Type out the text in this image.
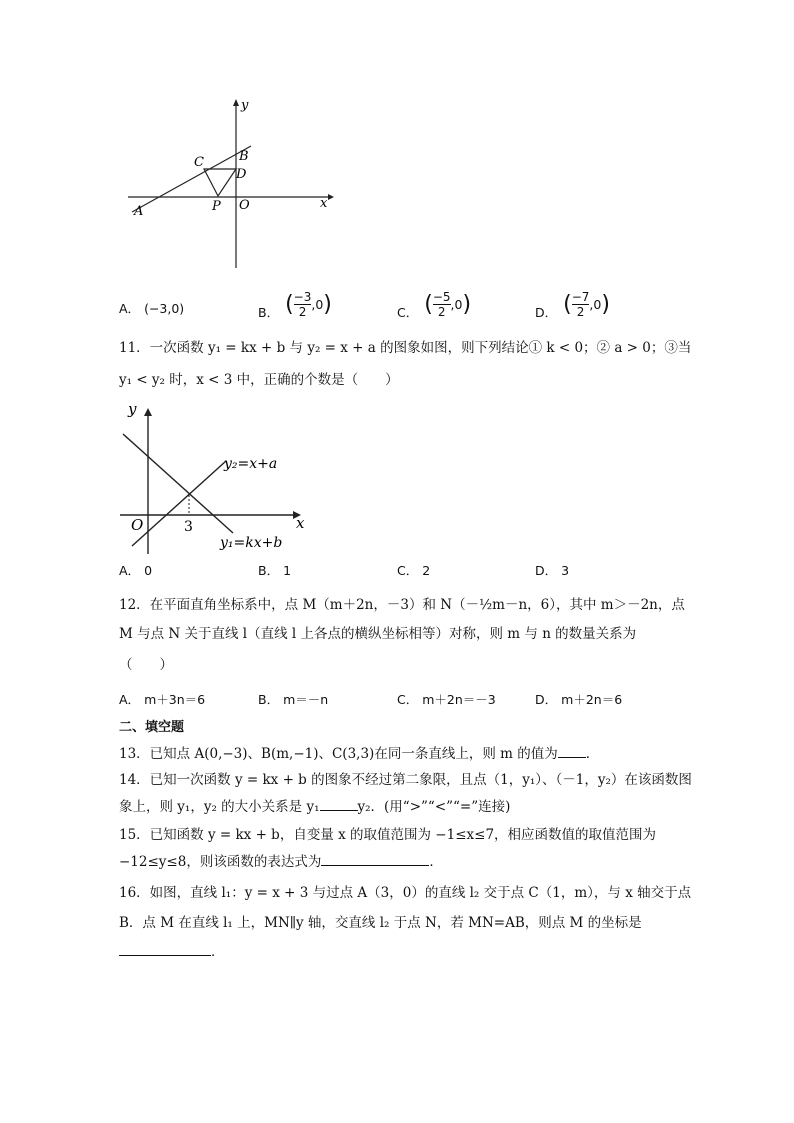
y
x
B
C
D
A	P O
A． (−3,0)	B． ( $\frac{-3}{2} ,0$)	C． ( $\frac{-5}{2} ,0$)	D． ( $\frac{-7}{2} ,0$)
11．一次函数 y₁ = kx + b 与 y₂ = x + a 的图象如图，则下列结论① k < 0；② a > 0；③当
y₁ < y₂ 时，x < 3 中，正确的个数是（　　）
y
x
O	3
y₂=x+a
y₁=kx+b
A． 0	B． 1	C． 2	D． 3
12．在平面直角坐标系中，点 M（m＋2n，－3）和 N（－½m－n，6），其中 m＞－2n，点
M 与点 N 关于直线 l（直线 l 上各点的横纵坐标相等）对称，则 m 与 n 的数量关系为
（　　）
A． m＋3n＝6	B． m＝－n	C． m＋2n＝－3	D． m＋2n＝6
二、填空题
13．已知点 A(0,−3)、B(m,−1)、C(3,3)在同一条直线上，则 m 的值为 ．
14．已知一次函数 y = kx + b 的图象不经过第二象限，且点（1，y₁）、（－1，y₂）在该函数图
象上，则 y₁，y₂ 的大小关系是 y₁	y₂．(用“>”“<”“=”连接)
15．已知函数 y = kx + b，自变量 x 的取值范围为 −1≤x≤7，相应函数值的取值范围为
−12≤y≤8，则该函数的表达式为	．
16．如图，直线 l₁：y = x + 3 与过点 A（3，0）的直线 l₂ 交于点 C（1，m），与 x 轴交于点
B．点 M 在直线 l₁ 上，MN∥y 轴，交直线 l₂ 于点 N，若 MN=AB，则点 M 的坐标是
．
